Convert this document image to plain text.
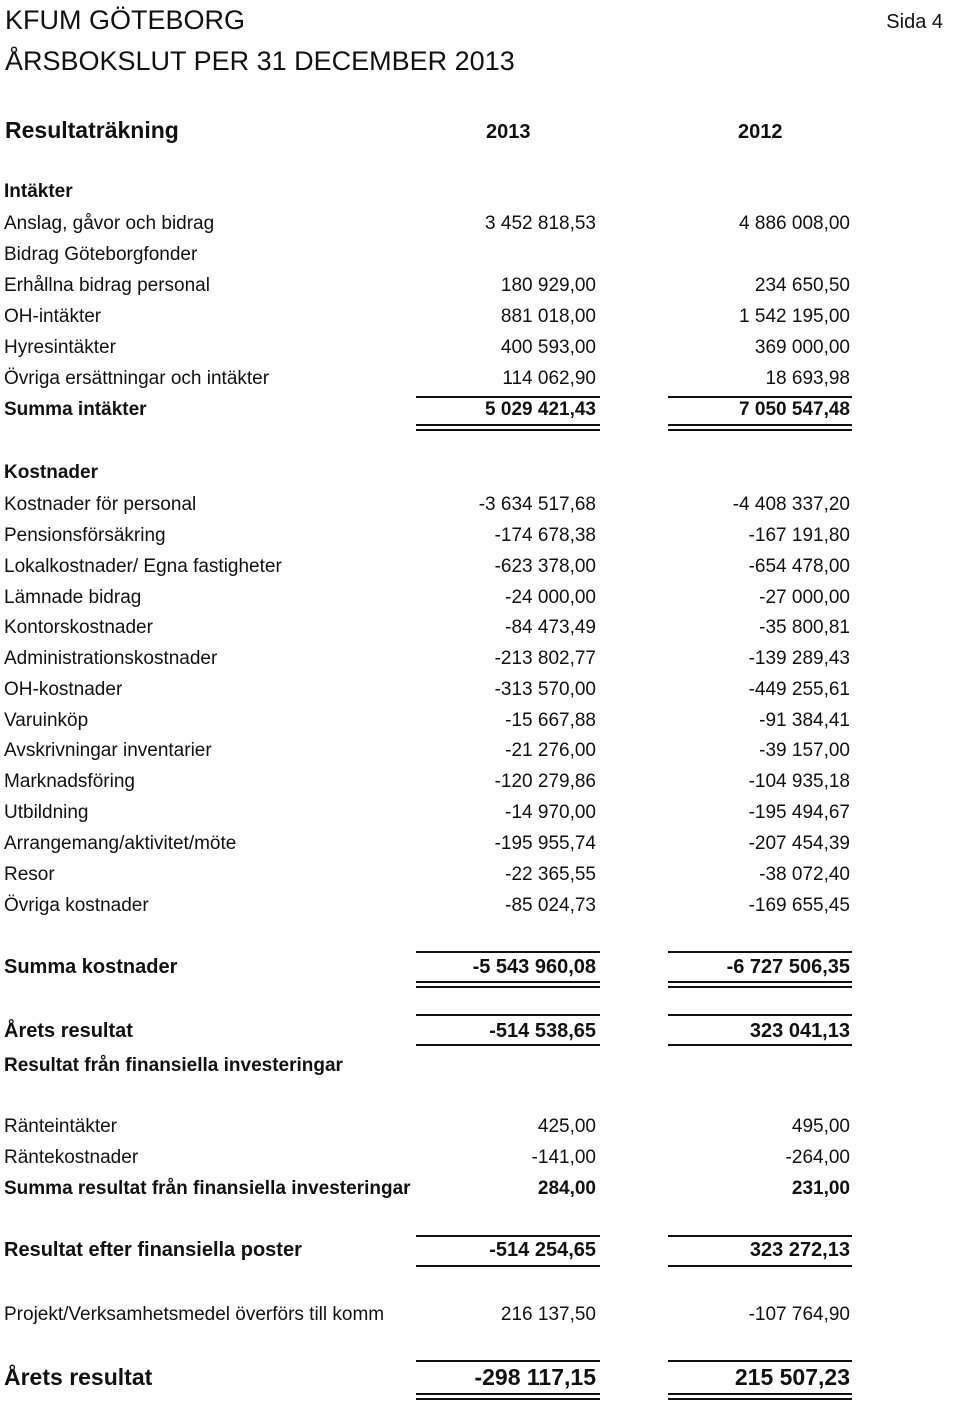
KFUM GÖTEBORG
ÅRSBOKSLUT PER 31 DECEMBER 2013
Sida 4
Resultaträkning	2013	2012
Intäkter
Anslag, gåvor och bidrag	3 452 818,53	4 886 008,00
Bidrag Göteborgfonder
Erhållna bidrag personal	180 929,00	234 650,50
OH-intäkter	881 018,00	1 542 195,00
Hyresintäkter	400 593,00	369 000,00
Övriga ersättningar och intäkter	114 062,90	18 693,98
Summa intäkter	5 029 421,43	7 050 547,48
Kostnader
Kostnader för personal	-3 634 517,68	-4 408 337,20
Pensionsförsäkring	-174 678,38	-167 191,80
Lokalkostnader/ Egna fastigheter	-623 378,00	-654 478,00
Lämnade bidrag	-24 000,00	-27 000,00
Kontorskostnader	-84 473,49	-35 800,81
Administrationskostnader	-213 802,77	-139 289,43
OH-kostnader	-313 570,00	-449 255,61
Varuinköp	-15 667,88	-91 384,41
Avskrivningar inventarier	-21 276,00	-39 157,00
Marknadsföring	-120 279,86	-104 935,18
Utbildning	-14 970,00	-195 494,67
Arrangemang/aktivitet/möte	-195 955,74	-207 454,39
Resor	-22 365,55	-38 072,40
Övriga kostnader	-85 024,73	-169 655,45
Summa kostnader	-5 543 960,08	-6 727 506,35
Årets resultat	-514 538,65	323 041,13
Resultat från finansiella investeringar
Ränteintäkter	425,00	495,00
Räntekostnader	-141,00	-264,00
Summa resultat från finansiella investeringar	284,00	231,00
Resultat efter finansiella poster	-514 254,65	323 272,13
Projekt/Verksamhetsmedel överförs till komm	216 137,50	-107 764,90
Årets resultat	-298 117,15	215 507,23
